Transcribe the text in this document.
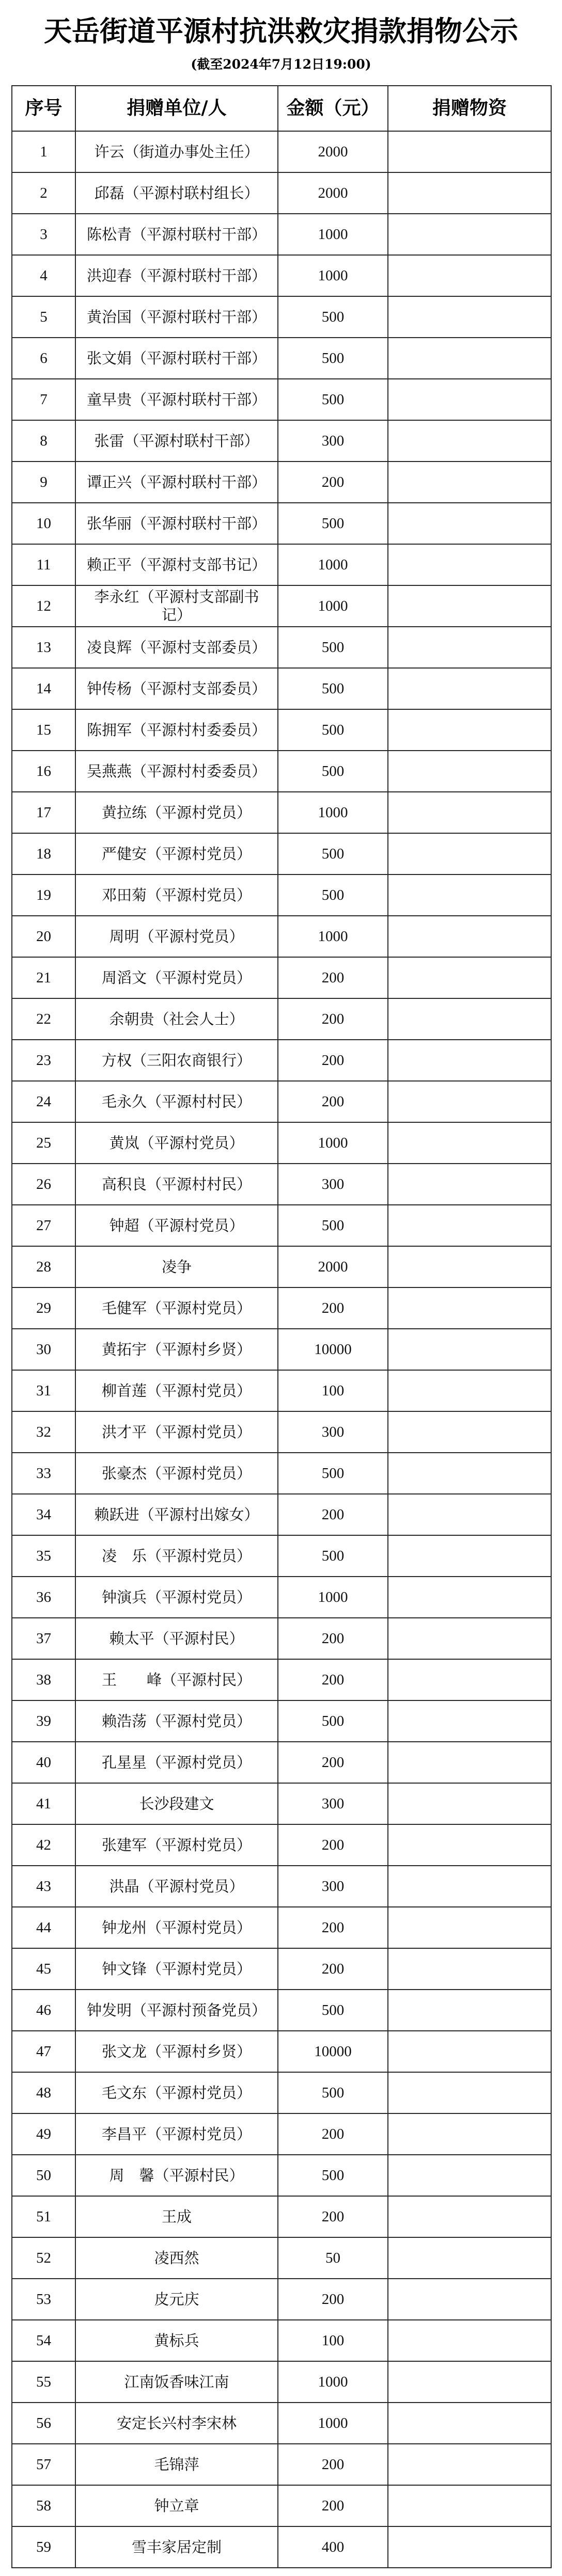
天岳街道平源村抗洪救灾捐款捐物公示
(截至2024年7月12日19:00)
序号	捐赠单位/人	金额（元）	捐赠物资
1	许云（街道办事处主任）	2000	
2	邱磊（平源村联村组长）	2000	
3	陈松青（平源村联村干部）	1000	
4	洪迎春（平源村联村干部）	1000	
5	黄治国（平源村联村干部）	500	
6	张文娟（平源村联村干部）	500	
7	童早贵（平源村联村干部）	500	
8	张雷（平源村联村干部）	300	
9	谭正兴（平源村联村干部）	200	
10	张华丽（平源村联村干部）	500	
11	赖正平（平源村支部书记）	1000	
12	李永红（平源村支部副书记）	1000	
13	凌良辉（平源村支部委员）	500	
14	钟传杨（平源村支部委员）	500	
15	陈拥军（平源村村委委员）	500	
16	吴燕燕（平源村村委委员）	500	
17	黄拉练（平源村党员）	1000	
18	严健安（平源村党员）	500	
19	邓田菊（平源村党员）	500	
20	周明（平源村党员）	1000	
21	周滔文（平源村党员）	200	
22	余朝贵（社会人士）	200	
23	方权（三阳农商银行）	200	
24	毛永久（平源村村民）	200	
25	黄岚（平源村党员）	1000	
26	高积良（平源村村民）	300	
27	钟超（平源村党员）	500	
28	凌争	2000	
29	毛健军（平源村党员）	200	
30	黄拓宇（平源村乡贤）	10000	
31	柳首莲（平源村党员）	100	
32	洪才平（平源村党员）	300	
33	张豪杰（平源村党员）	500	
34	赖跃进（平源村出嫁女）	200	
35	凌　乐（平源村党员）	500	
36	钟演兵（平源村党员）	1000	
37	赖太平（平源村民）	200	
38	王　　峰（平源村民）	200	
39	赖浩荡（平源村党员）	500	
40	孔星星（平源村党员）	200	
41	长沙段建文	300	
42	张建军（平源村党员）	200	
43	洪晶（平源村党员）	300	
44	钟龙州（平源村党员）	200	
45	钟文锋（平源村党员）	200	
46	钟发明（平源村预备党员）	500	
47	张文龙（平源村乡贤）	10000	
48	毛文东（平源村党员）	500	
49	李昌平（平源村党员）	200	
50	周　馨（平源村民）	500	
51	王成	200	
52	凌西然	50	
53	皮元庆	200	
54	黄标兵	100	
55	江南饭香味江南	1000	
56	安定长兴村李宋林	1000	
57	毛锦萍	200	
58	钟立章	200	
59	雪丰家居定制	400	
